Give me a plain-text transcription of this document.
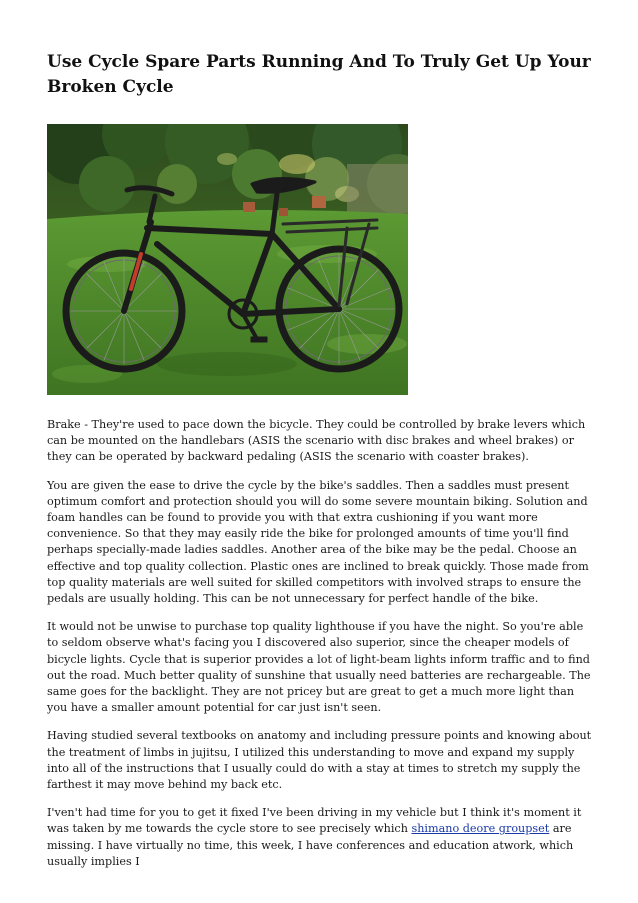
Use Cycle Spare Parts Running And To Truly Get Up Your Broken Cycle

Brake - They're used to pace down the bicycle. They could be controlled by brake levers which can be mounted on the handlebars (ASIS the scenario with disc brakes and wheel brakes) or they can be operated by backward pedaling (ASIS the scenario with coaster brakes).

You are given the ease to drive the cycle by the bike's saddles. Then a saddles must present optimum comfort and protection should you will do some severe mountain biking. Solution and foam handles can be found to provide you with that extra cushioning if you want more convenience. So that they may easily ride the bike for prolonged amounts of time you'll find perhaps specially-made ladies saddles. Another area of the bike may be the pedal. Choose an effective and top quality collection. Plastic ones are inclined to break quickly. Those made from top quality materials are well suited for skilled competitors with involved straps to ensure the pedals are usually holding. This can be not unnecessary for perfect handle of the bike.

It would not be unwise to purchase top quality lighthouse if you have the night. So you're able to seldom observe what's facing you I discovered also superior, since the cheaper models of bicycle lights. Cycle that is superior provides a lot of light-beam lights inform traffic and to find out the road. Much better quality of sunshine that usually need batteries are rechargeable. The same goes for the backlight. They are not pricey but are great to get a much more light than you have a smaller amount potential for car just isn't seen.

Having studied several textbooks on anatomy and including pressure points and knowing about the treatment of limbs in jujitsu, I utilized this understanding to move and expand my supply into all of the instructions that I usually could do with a stay at times to stretch my supply the farthest it may move behind my back etc.

I'ven't had time for you to get it fixed I've been driving in my vehicle but I think it's moment it was taken by me towards the cycle store to see precisely which shimano deore groupset are missing. I have virtually no time, this week, I have conferences and education atwork, which usually implies I
